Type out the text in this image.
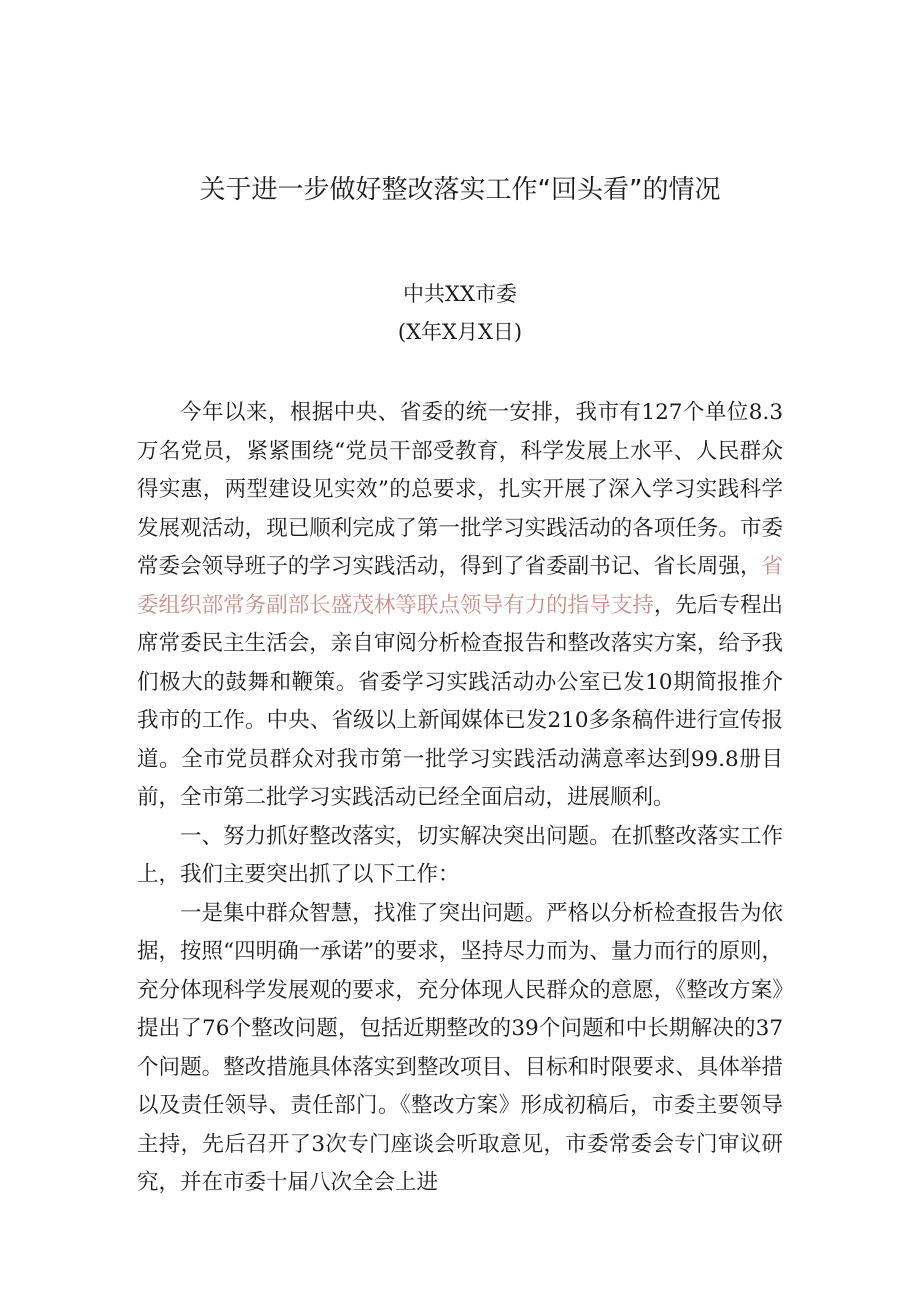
关于进一步做好整改落实工作“回头看”的情况
中共XX市委
(X年X月X日)

今年以来，根据中央、省委的统一安排，我市有127个单位8.3万名党员，紧紧围绕“党员干部受教育，科学发展上水平、人民群众得实惠，两型建设见实效”的总要求，扎实开展了深入学习实践科学发展观活动，现已顺利完成了第一批学习实践活动的各项任务。市委常委会领导班子的学习实践活动，得到了省委副书记、省长周强，省委组织部常务副部长盛茂林等联点领导有力的指导支持，先后专程出席常委民主生活会，亲自审阅分析检查报告和整改落实方案，给予我们极大的鼓舞和鞭策。省委学习实践活动办公室已发10期简报推介我市的工作。中央、省级以上新闻媒体已发210多条稿件进行宣传报道。全市党员群众对我市第一批学习实践活动满意率达到99.8册目前，全市第二批学习实践活动已经全面启动，进展顺利。

一、努力抓好整改落实，切实解决突出问题。在抓整改落实工作上，我们主要突出抓了以下工作：

一是集中群众智慧，找准了突出问题。严格以分析检查报告为依据，按照“四明确一承诺”的要求，坚持尽力而为、量力而行的原则，充分体现科学发展观的要求，充分体现人民群众的意愿，《整改方案》提出了76个整改问题，包括近期整改的39个问题和中长期解决的37个问题。整改措施具体落实到整改项目、目标和时限要求、具体举措以及责任领导、责任部门。《整改方案》形成初稿后，市委主要领导主持，先后召开了3次专门座谈会听取意见，市委常委会专门审议研究，并在市委十届八次全会上进
